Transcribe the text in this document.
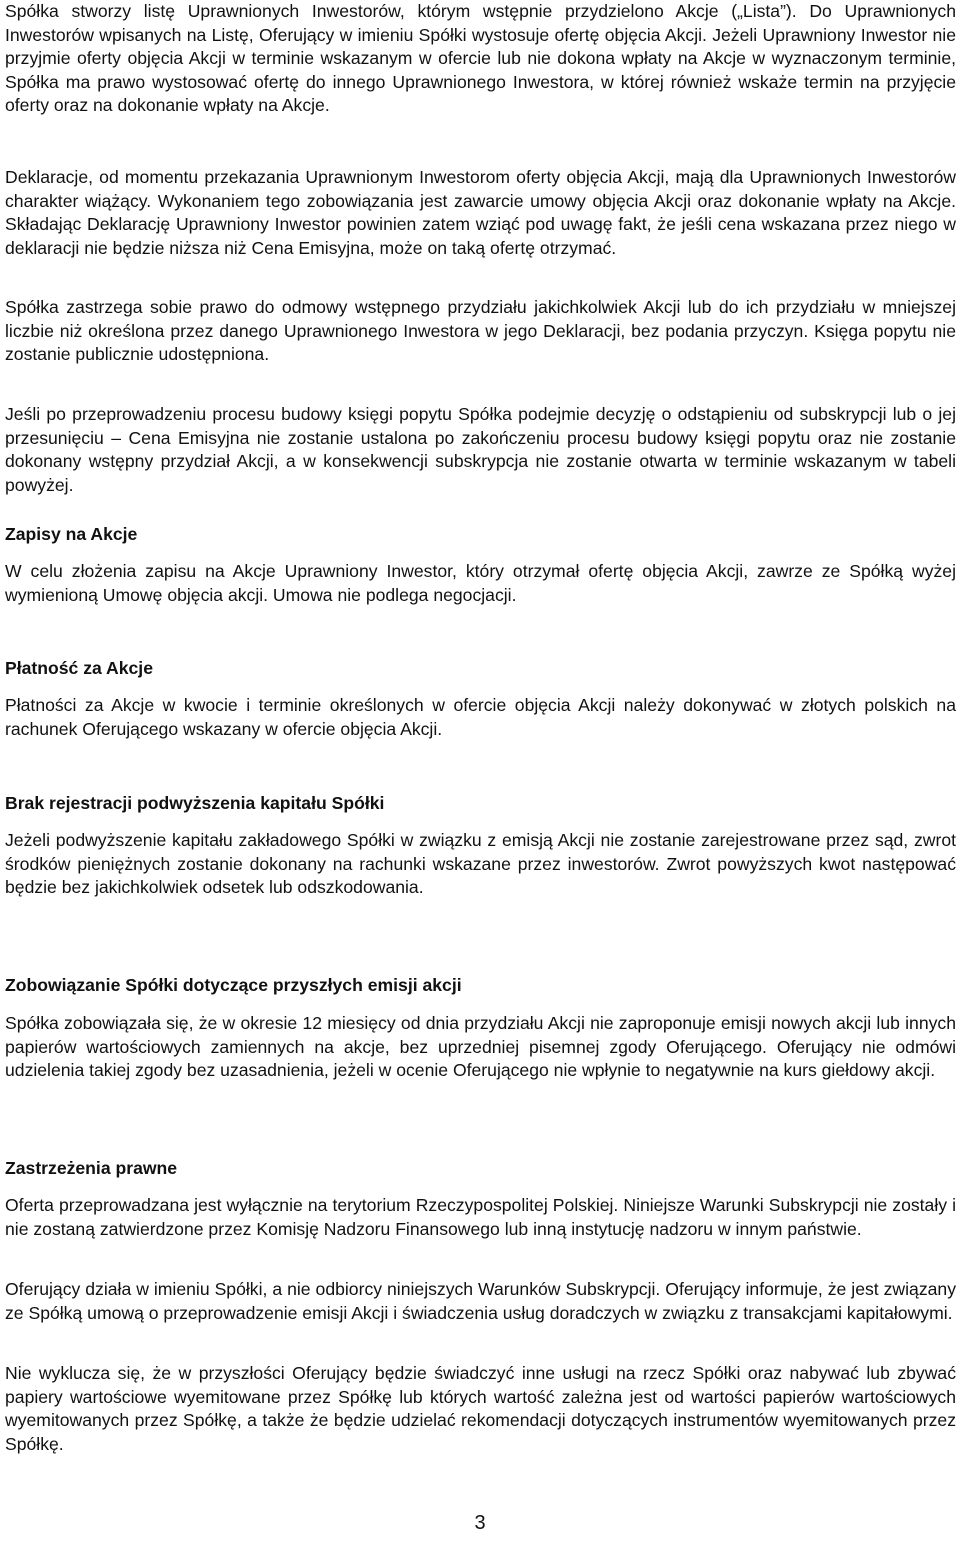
Spółka stworzy listę Uprawnionych Inwestorów, którym wstępnie przydzielono Akcje („Lista”). Do Uprawnionych Inwestorów wpisanych na Listę, Oferujący w imieniu Spółki wystosuje ofertę objęcia Akcji. Jeżeli Uprawniony Inwestor nie przyjmie oferty objęcia Akcji w terminie wskazanym w ofercie lub nie dokona wpłaty na Akcje w wyznaczonym terminie, Spółka ma prawo wystosować ofertę do innego Uprawnionego Inwestora, w której również wskaże termin na przyjęcie oferty oraz na dokonanie wpłaty na Akcje.

Deklaracje, od momentu przekazania Uprawnionym Inwestorom oferty objęcia Akcji, mają dla Uprawnionych Inwestorów charakter wiążący. Wykonaniem tego zobowiązania jest zawarcie umowy objęcia Akcji oraz dokonanie wpłaty na Akcje. Składając Deklarację Uprawniony Inwestor powinien zatem wziąć pod uwagę fakt, że jeśli cena wskazana przez niego w deklaracji nie będzie niższa niż Cena Emisyjna, może on taką ofertę otrzymać.

Spółka zastrzega sobie prawo do odmowy wstępnego przydziału jakichkolwiek Akcji lub do ich przydziału w mniejszej liczbie niż określona przez danego Uprawnionego Inwestora w jego Deklaracji, bez podania przyczyn. Księga popytu nie zostanie publicznie udostępniona.

Jeśli po przeprowadzeniu procesu budowy księgi popytu Spółka podejmie decyzję o odstąpieniu od subskrypcji lub o jej przesunięciu – Cena Emisyjna nie zostanie ustalona po zakończeniu procesu budowy księgi popytu oraz nie zostanie dokonany wstępny przydział Akcji, a w konsekwencji subskrypcja nie zostanie otwarta w terminie wskazanym w tabeli powyżej.

Zapisy na Akcje

W celu złożenia zapisu na Akcje Uprawniony Inwestor, który otrzymał ofertę objęcia Akcji, zawrze ze Spółką wyżej wymienioną Umowę objęcia akcji. Umowa nie podlega negocjacji.

Płatność za Akcje

Płatności za Akcje w kwocie i terminie określonych w ofercie objęcia Akcji należy dokonywać w złotych polskich na rachunek Oferującego wskazany w ofercie objęcia Akcji.

Brak rejestracji podwyższenia kapitału Spółki

Jeżeli podwyższenie kapitału zakładowego Spółki w związku z emisją Akcji nie zostanie zarejestrowane przez sąd, zwrot środków pieniężnych zostanie dokonany na rachunki wskazane przez inwestorów. Zwrot powyższych kwot następować będzie bez jakichkolwiek odsetek lub odszkodowania.

Zobowiązanie Spółki dotyczące przyszłych emisji akcji

Spółka zobowiązała się, że w okresie 12 miesięcy od dnia przydziału Akcji nie zaproponuje emisji nowych akcji lub innych papierów wartościowych zamiennych na akcje, bez uprzedniej pisemnej zgody Oferującego. Oferujący nie odmówi udzielenia takiej zgody bez uzasadnienia, jeżeli w ocenie Oferującego nie wpłynie to negatywnie na kurs giełdowy akcji.

Zastrzeżenia prawne

Oferta przeprowadzana jest wyłącznie na terytorium Rzeczypospolitej Polskiej. Niniejsze Warunki Subskrypcji nie zostały i nie zostaną zatwierdzone przez Komisję Nadzoru Finansowego lub inną instytucję nadzoru w innym państwie.

Oferujący działa w imieniu Spółki, a nie odbiorcy niniejszych Warunków Subskrypcji. Oferujący informuje, że jest związany ze Spółką umową o przeprowadzenie emisji Akcji i świadczenia usług doradczych w związku z transakcjami kapitałowymi.

Nie wyklucza się, że w przyszłości Oferujący będzie świadczyć inne usługi na rzecz Spółki oraz nabywać lub zbywać papiery wartościowe wyemitowane przez Spółkę lub których wartość zależna jest od wartości papierów wartościowych wyemitowanych przez Spółkę, a także że będzie udzielać rekomendacji dotyczących instrumentów wyemitowanych przez Spółkę.

3
